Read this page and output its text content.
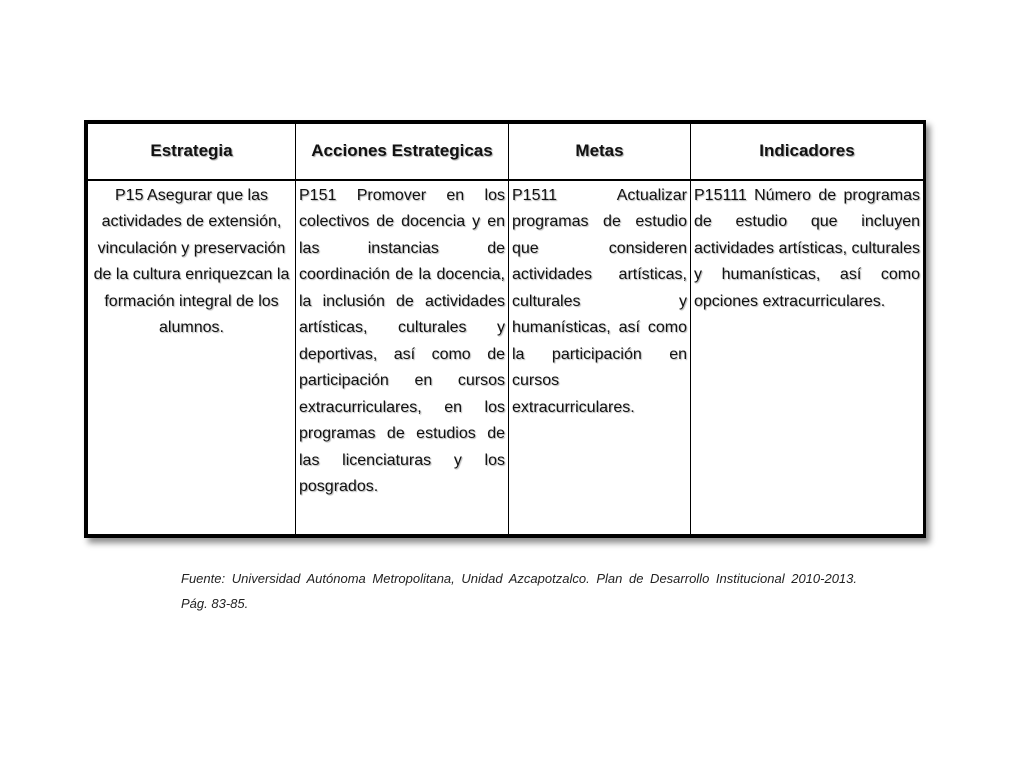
Estrategia	Acciones Estrategicas	Metas	Indicadores
P15 Asegurar que las actividades de extensión, vinculación y preservación de la cultura enriquezcan la formación integral de los alumnos.	P151 Promover en los colectivos de docencia y en las instancias de coordinación de la docencia, la inclusión de actividades artísticas, culturales y deportivas, así como de participación en cursos extracurriculares, en los programas de estudios de las licenciaturas y los
posgrados.	P1511 Actualizar programas de estudio que consideren actividades artísticas, culturales y humanísticas, así como la participación en cursos
extracurriculares.	P15111 Número de programas de estudio que incluyen actividades artísticas, culturales y humanísticas, así como
opciones extracurriculares.
Fuente: Universidad Autónoma Metropolitana, Unidad Azcapotzalco. Plan de Desarrollo Institucional 2010-2013. Pág. 83-85.
